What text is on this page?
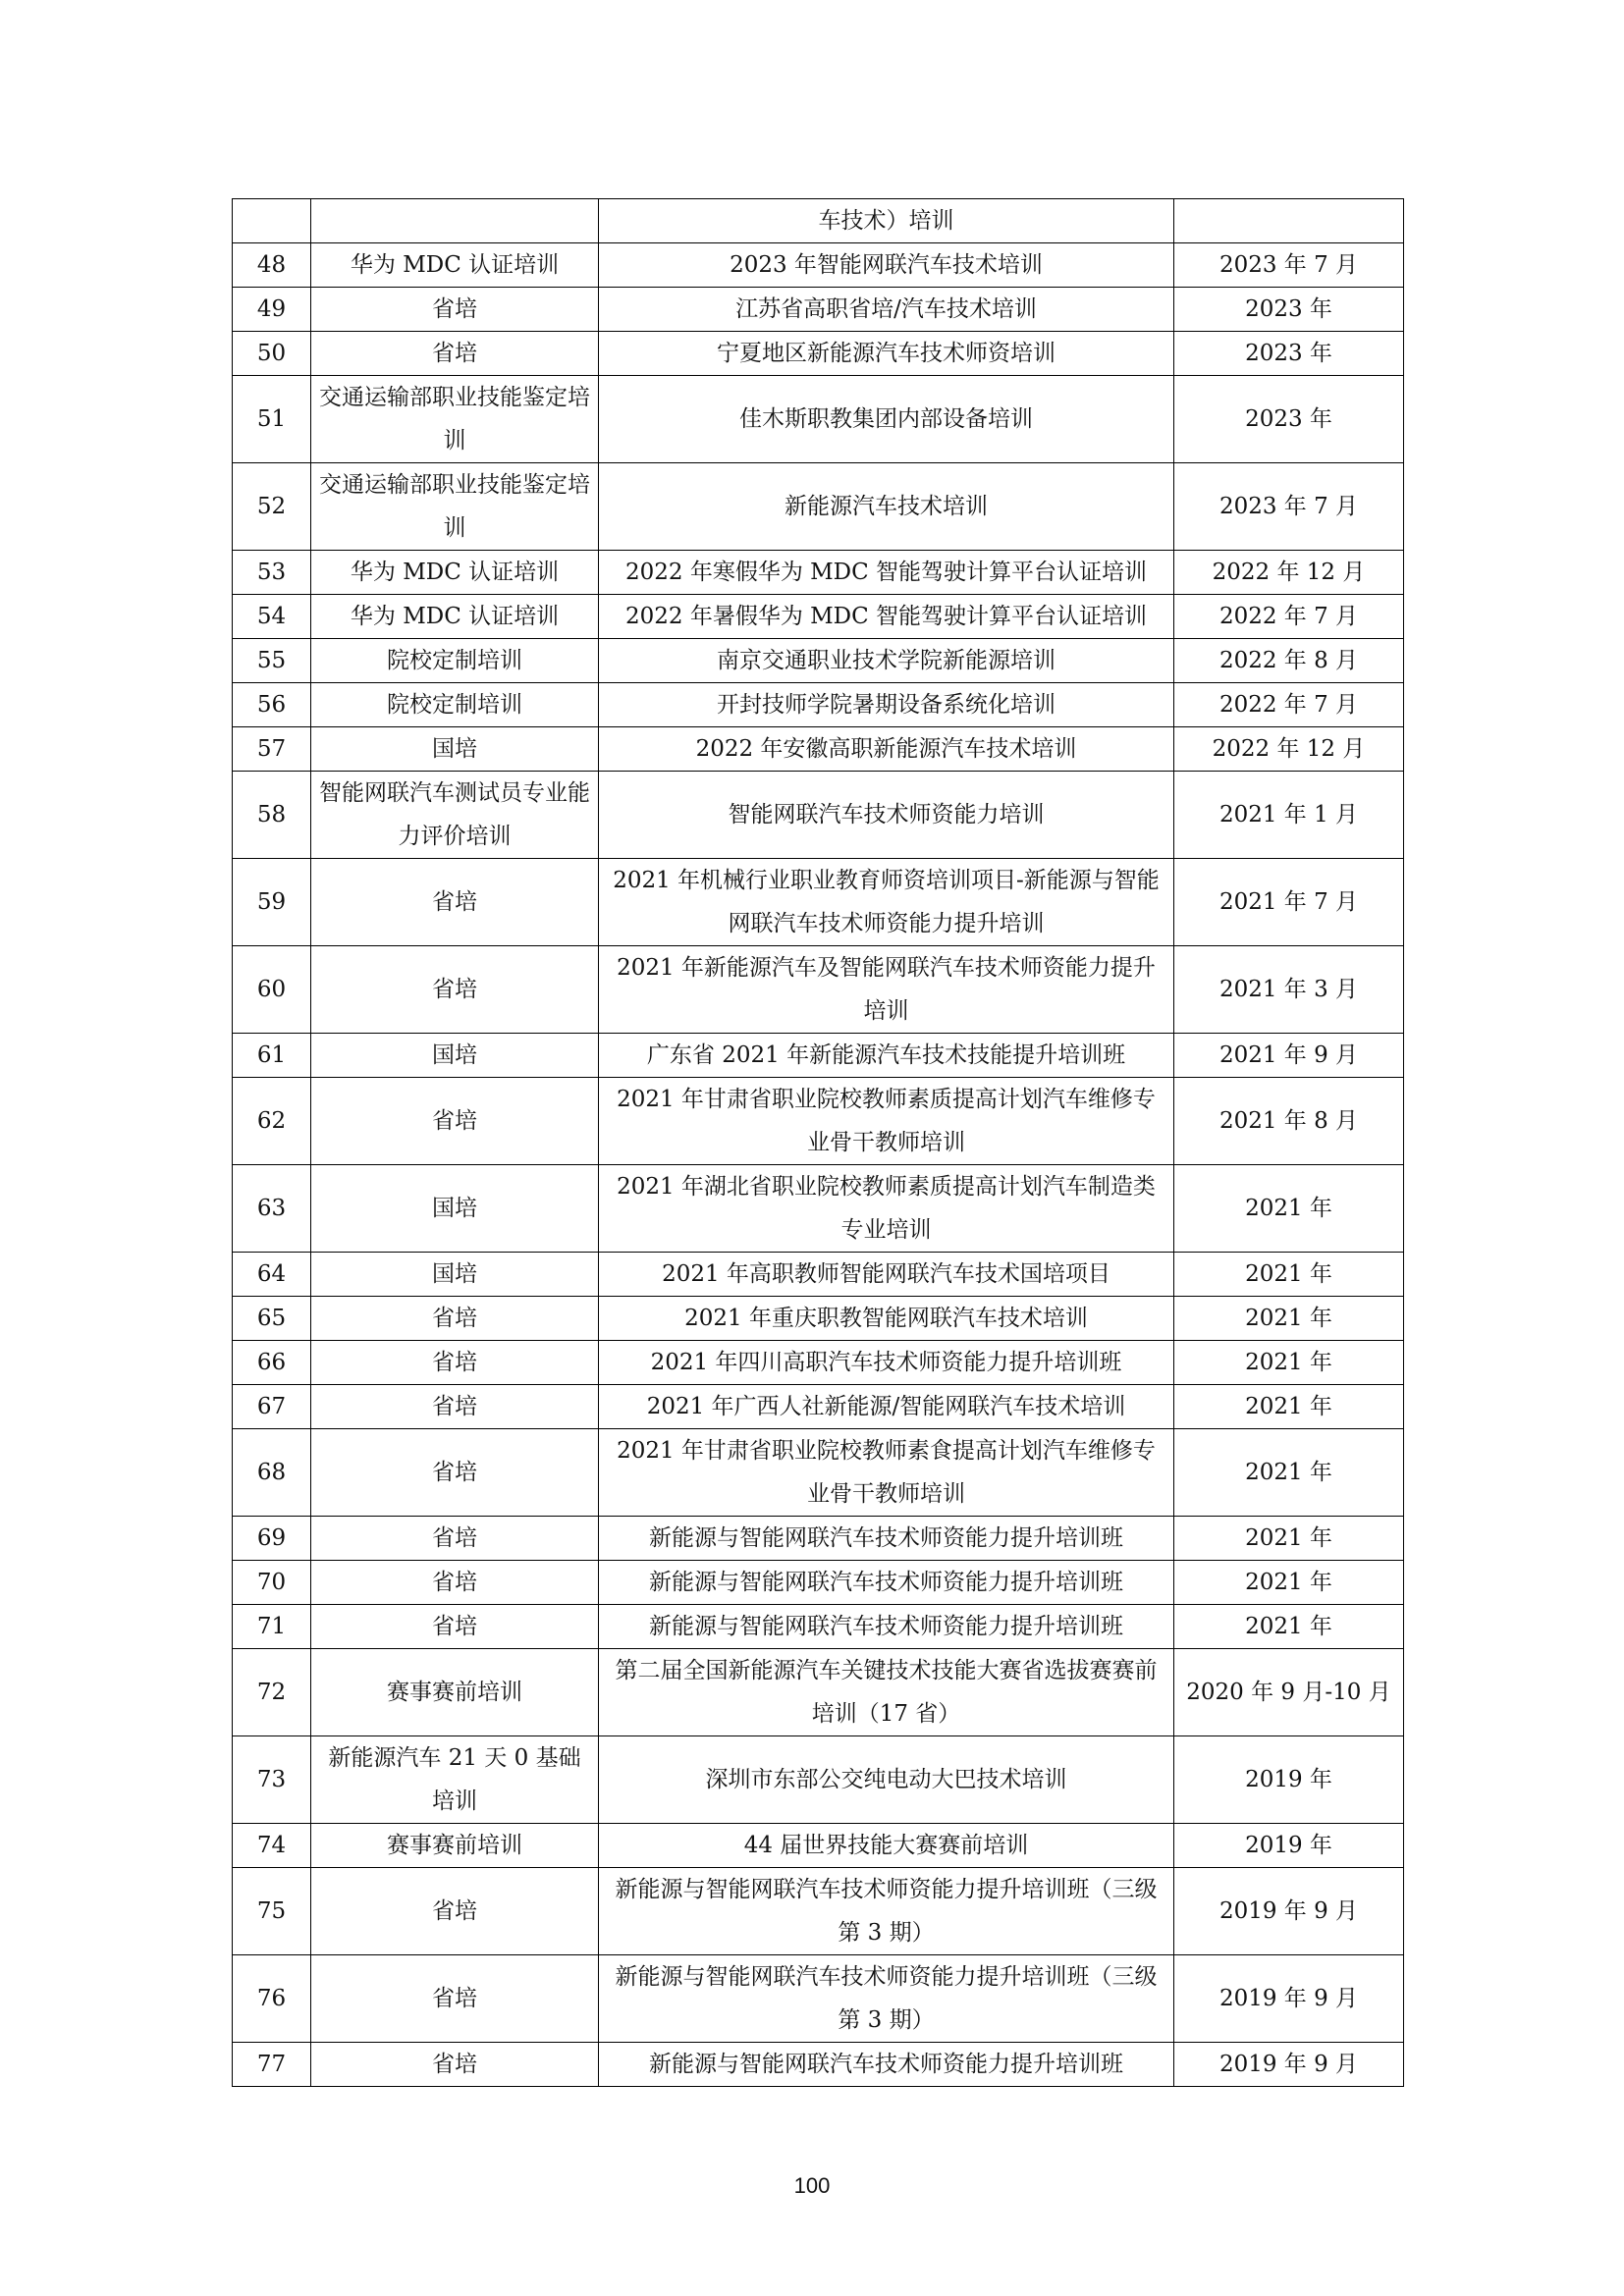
		车技术）培训	
48	华为 MDC 认证培训	2023 年智能网联汽车技术培训	2023 年 7 月
49	省培	江苏省高职省培/汽车技术培训	2023 年
50	省培	宁夏地区新能源汽车技术师资培训	2023 年
51	交通运输部职业技能鉴定培训	佳木斯职教集团内部设备培训	2023 年
52	交通运输部职业技能鉴定培训	新能源汽车技术培训	2023 年 7 月
53	华为 MDC 认证培训	2022 年寒假华为 MDC 智能驾驶计算平台认证培训	2022 年 12 月
54	华为 MDC 认证培训	2022 年暑假华为 MDC 智能驾驶计算平台认证培训	2022 年 7 月
55	院校定制培训	南京交通职业技术学院新能源培训	2022 年 8 月
56	院校定制培训	开封技师学院暑期设备系统化培训	2022 年 7 月
57	国培	2022 年安徽高职新能源汽车技术培训	2022 年 12 月
58	智能网联汽车测试员专业能力评价培训	智能网联汽车技术师资能力培训	2021 年 1 月
59	省培	2021 年机械行业职业教育师资培训项目-新能源与智能网联汽车技术师资能力提升培训	2021 年 7 月
60	省培	2021 年新能源汽车及智能网联汽车技术师资能力提升培训	2021 年 3 月
61	国培	广东省 2021 年新能源汽车技术技能提升培训班	2021 年 9 月
62	省培	2021 年甘肃省职业院校教师素质提高计划汽车维修专业骨干教师培训	2021 年 8 月
63	国培	2021 年湖北省职业院校教师素质提高计划汽车制造类专业培训	2021 年
64	国培	2021 年高职教师智能网联汽车技术国培项目	2021 年
65	省培	2021 年重庆职教智能网联汽车技术培训	2021 年
66	省培	2021 年四川高职汽车技术师资能力提升培训班	2021 年
67	省培	2021 年广西人社新能源/智能网联汽车技术培训	2021 年
68	省培	2021 年甘肃省职业院校教师素食提高计划汽车维修专业骨干教师培训	2021 年
69	省培	新能源与智能网联汽车技术师资能力提升培训班	2021 年
70	省培	新能源与智能网联汽车技术师资能力提升培训班	2021 年
71	省培	新能源与智能网联汽车技术师资能力提升培训班	2021 年
72	赛事赛前培训	第二届全国新能源汽车关键技术技能大赛省选拔赛赛前培训（17 省）	2020 年 9 月-10 月
73	新能源汽车 21 天 0 基础培训	深圳市东部公交纯电动大巴技术培训	2019 年
74	赛事赛前培训	44 届世界技能大赛赛前培训	2019 年
75	省培	新能源与智能网联汽车技术师资能力提升培训班（三级第 3 期）	2019 年 9 月
76	省培	新能源与智能网联汽车技术师资能力提升培训班（三级第 3 期）	2019 年 9 月
77	省培	新能源与智能网联汽车技术师资能力提升培训班	2019 年 9 月
100
